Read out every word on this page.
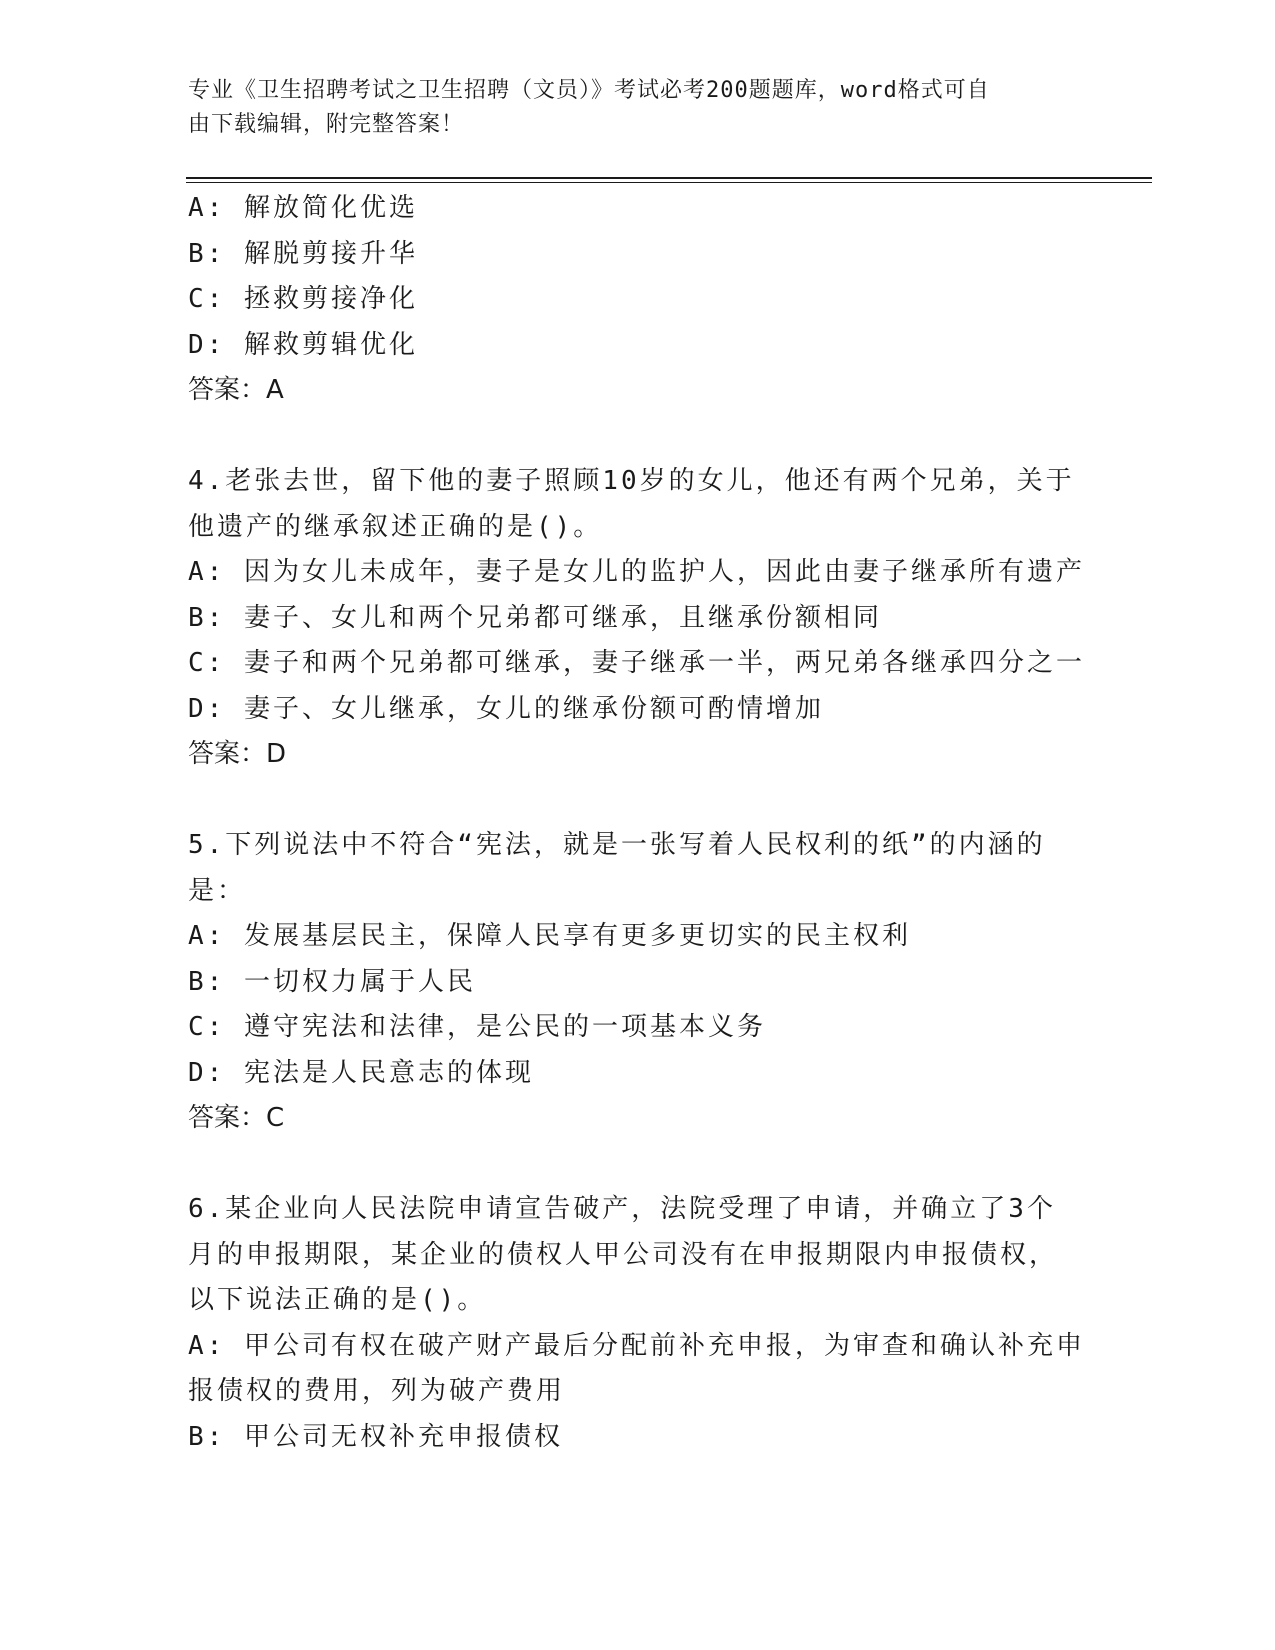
专业《卫生招聘考试之卫生招聘（文员）》考试必考200题题库，word格式可自
由下载编辑，附完整答案！
A: 解放简化优选
B: 解脱剪接升华
C: 拯救剪接净化
D: 解救剪辑优化
答案：A
4.老张去世，留下他的妻子照顾10岁的女儿，他还有两个兄弟，关于
他遗产的继承叙述正确的是()。
A: 因为女儿未成年，妻子是女儿的监护人，因此由妻子继承所有遗产
B: 妻子、女儿和两个兄弟都可继承，且继承份额相同
C: 妻子和两个兄弟都可继承，妻子继承一半，两兄弟各继承四分之一
D: 妻子、女儿继承，女儿的继承份额可酌情增加
答案：D
5.下列说法中不符合“宪法，就是一张写着人民权利的纸”的内涵的
是：
A: 发展基层民主，保障人民享有更多更切实的民主权利
B: 一切权力属于人民
C: 遵守宪法和法律，是公民的一项基本义务
D: 宪法是人民意志的体现
答案：C
6.某企业向人民法院申请宣告破产，法院受理了申请，并确立了3个
月的申报期限，某企业的债权人甲公司没有在申报期限内申报债权，
以下说法正确的是()。
A: 甲公司有权在破产财产最后分配前补充申报，为审查和确认补充申
报债权的费用，列为破产费用
B: 甲公司无权补充申报债权
